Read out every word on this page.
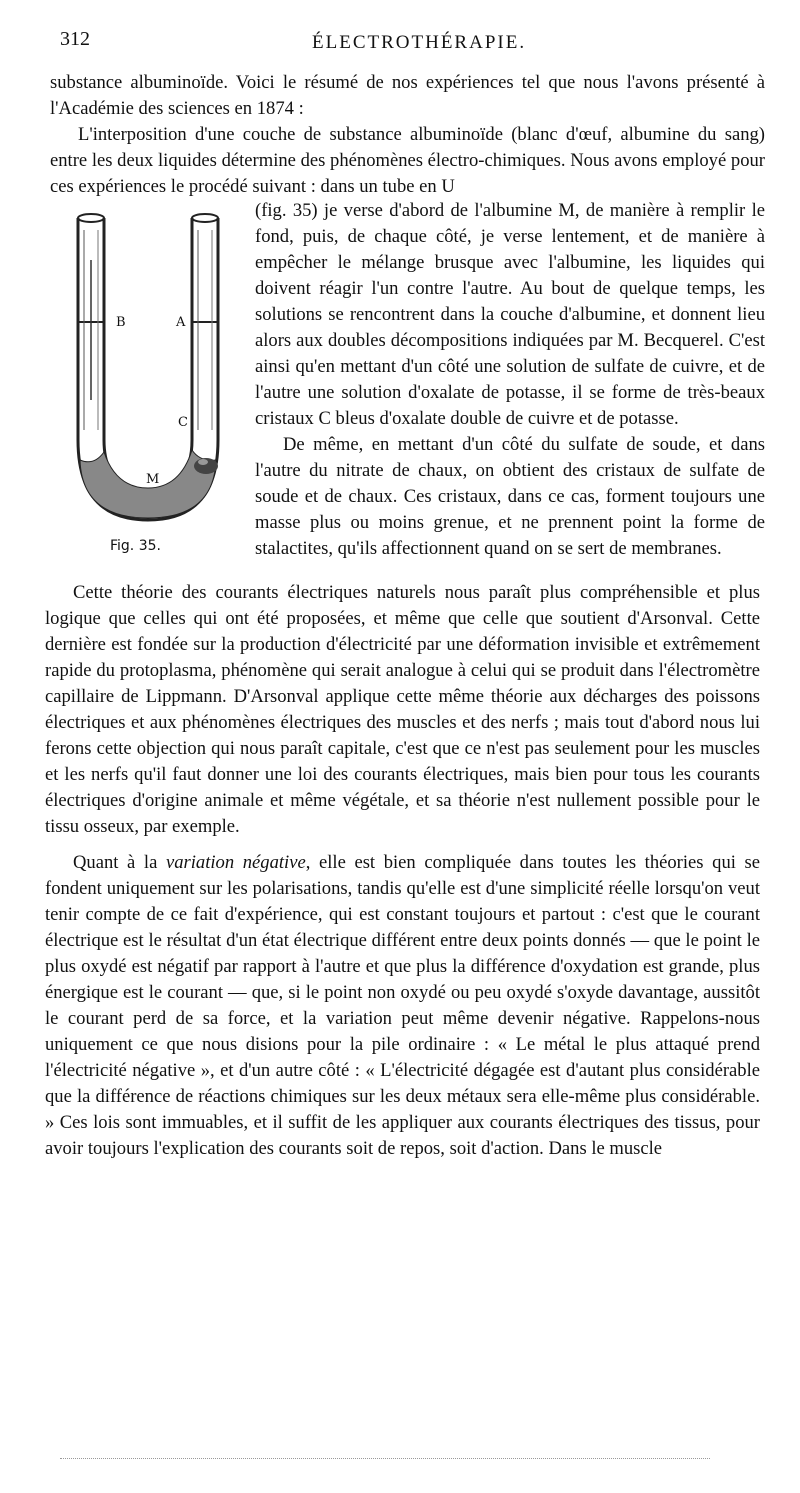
312	ÉLECTROTHÉRAPIE.

substance albuminoïde. Voici le résumé de nos expériences tel que nous l'avons présenté à l'Académie des sciences en 1874 :

L'interposition d'une couche de substance albuminoïde (blanc d'œuf, albumine du sang) entre les deux liquides détermine des phénomènes électro-chimiques. Nous avons employé pour ces expériences le procédé suivant : dans un tube en U

B	A
C
M
Fig. 35.

(fig. 35) je verse d'abord de l'albumine M, de manière à remplir le fond, puis, de chaque côté, je verse lentement, et de manière à empêcher le mélange brusque avec l'albumine, les liquides qui doivent réagir l'un contre l'autre. Au bout de quelque temps, les solutions se rencontrent dans la couche d'albumine, et donnent lieu alors aux doubles décompositions indiquées par M. Becquerel. C'est ainsi qu'en mettant d'un côté une solution de sulfate de cuivre, et de l'autre une solution d'oxalate de potasse, il se forme de très-beaux cristaux C bleus d'oxalate double de cuivre et de potasse.

De même, en mettant d'un côté du sulfate de soude, et dans l'autre du nitrate de chaux, on obtient des cristaux de sulfate de soude et de chaux. Ces cristaux, dans ce cas, forment toujours une masse plus ou moins grenue, et ne prennent point la forme de stalactites, qu'ils affectionnent quand on se sert de membranes.

Cette théorie des courants électriques naturels nous paraît plus compréhensible et plus logique que celles qui ont été proposées, et même que celle que soutient d'Arsonval. Cette dernière est fondée sur la production d'électricité par une déformation invisible et extrêmement rapide du protoplasma, phénomène qui serait analogue à celui qui se produit dans l'électromètre capillaire de Lippmann. D'Arsonval applique cette même théorie aux décharges des poissons électriques et aux phénomènes électriques des muscles et des nerfs ; mais tout d'abord nous lui ferons cette objection qui nous paraît capitale, c'est que ce n'est pas seulement pour les muscles et les nerfs qu'il faut donner une loi des courants électriques, mais bien pour tous les courants électriques d'origine animale et même végétale, et sa théorie n'est nullement possible pour le tissu osseux, par exemple.

Quant à la variation négative, elle est bien compliquée dans toutes les théories qui se fondent uniquement sur les polarisations, tandis qu'elle est d'une simplicité réelle lorsqu'on veut tenir compte de ce fait d'expérience, qui est constant toujours et partout : c'est que le courant électrique est le résultat d'un état électrique différent entre deux points donnés — que le point le plus oxydé est négatif par rapport à l'autre et que plus la différence d'oxydation est grande, plus énergique est le courant — que, si le point non oxydé ou peu oxydé s'oxyde davantage, aussitôt le courant perd de sa force, et la variation peut même devenir négative. Rappelons-nous uniquement ce que nous disions pour la pile ordinaire : « Le métal le plus attaqué prend l'électricité négative », et d'un autre côté : « L'électricité dégagée est d'autant plus considérable que la différence de réactions chimiques sur les deux métaux sera elle-même plus considérable. » Ces lois sont immuables, et il suffit de les appliquer aux courants électriques des tissus, pour avoir toujours l'explication des courants soit de repos, soit d'action. Dans le muscle
